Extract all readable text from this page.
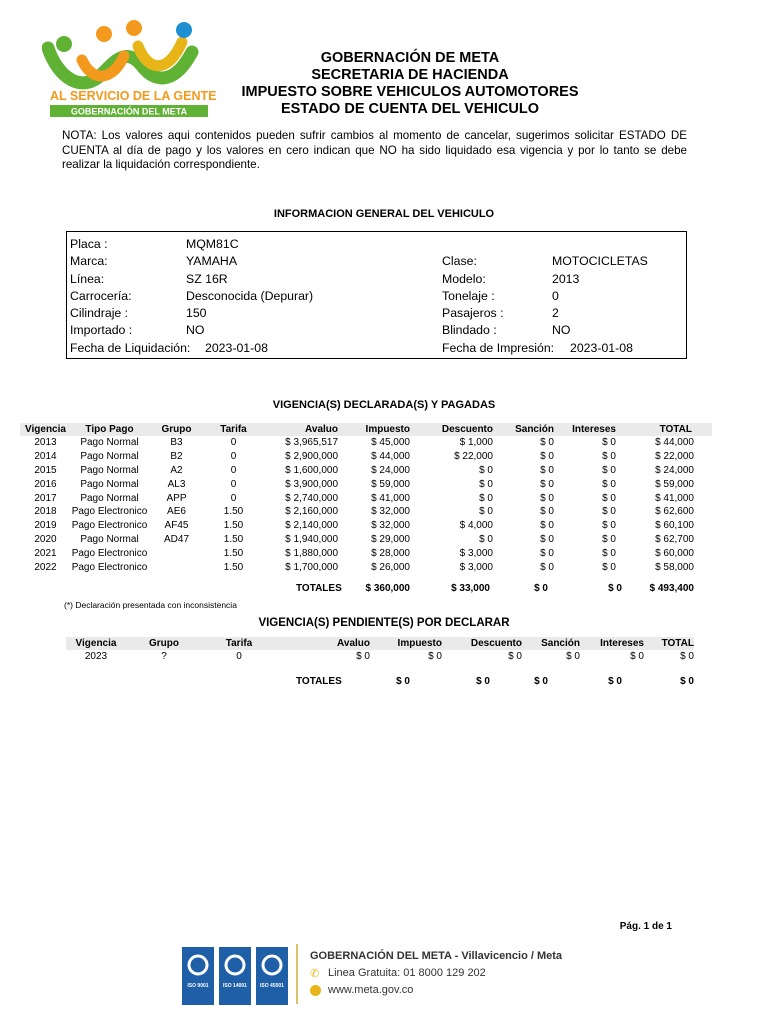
AL SERVICIO DE LA GENTE
GOBERNACIÓN DEL META
GOBERNACIÓN DE META
SECRETARIA DE HACIENDA
IMPUESTO SOBRE VEHICULOS AUTOMOTORES
ESTADO DE CUENTA DEL VEHICULO
NOTA: Los valores aqui contenidos pueden sufrir cambios al momento de cancelar, sugerimos solicitar ESTADO DE CUENTA al día de pago y los valores en cero indican que NO ha sido liquidado esa vigencia y por lo tanto se debe realizar la liquidación correspondiente.
INFORMACION GENERAL DEL VEHICULO
Placa :	MQM81C
Marca:	YAMAHA	Clase:	MOTOCICLETAS
Línea:	SZ 16R	Modelo:	2013
Carrocería:	Desconocida (Depurar)	Tonelaje :	0
Cilindraje :	150	Pasajeros :	2
Importado :	NO	Blindado :	NO
Fecha de Liquidación: 2023-01-08	Fecha de Impresión: 2023-01-08
VIGENCIA(S) DECLARADA(S) Y PAGADAS
Vigencia	Tipo Pago	Grupo	Tarifa	Avaluo	Impuesto	Descuento	Sanción	Intereses	TOTAL
2013	Pago Normal	B3	0	$ 3,965,517	$ 45,000	$ 1,000	$ 0	$ 0	$ 44,000
2014	Pago Normal	B2	0	$ 2,900,000	$ 44,000	$ 22,000	$ 0	$ 0	$ 22,000
2015	Pago Normal	A2	0	$ 1,600,000	$ 24,000	$ 0	$ 0	$ 0	$ 24,000
2016	Pago Normal	AL3	0	$ 3,900,000	$ 59,000	$ 0	$ 0	$ 0	$ 59,000
2017	Pago Normal	APP	0	$ 2,740,000	$ 41,000	$ 0	$ 0	$ 0	$ 41,000
2018	Pago Electronico	AE6	1.50	$ 2,160,000	$ 32,000	$ 0	$ 0	$ 0	$ 62,600
2019	Pago Electronico	AF45	1.50	$ 2,140,000	$ 32,000	$ 4,000	$ 0	$ 0	$ 60,100
2020	Pago Normal	AD47	1.50	$ 1,940,000	$ 29,000	$ 0	$ 0	$ 0	$ 62,700
2021	Pago Electronico		1.50	$ 1,880,000	$ 28,000	$ 3,000	$ 0	$ 0	$ 60,000
2022	Pago Electronico		1.50	$ 1,700,000	$ 26,000	$ 3,000	$ 0	$ 0	$ 58,000
TOTALES	$ 360,000	$ 33,000	$ 0	$ 0	$ 493,400
(*) Declaración presentada con inconsistencia
VIGENCIA(S) PENDIENTE(S) POR DECLARAR
Vigencia	Grupo	Tarifa	Avaluo	Impuesto	Descuento	Sanción	Intereses	TOTAL
2023	?	0	$ 0	$ 0	$ 0	$ 0	$ 0	$ 0
TOTALES	$ 0	$ 0	$ 0	$ 0	$ 0
Pág. 1 de 1
ISO 9001	ISO 14001	ISO 45001
GOBERNACIÓN DEL META - Villavicencio / Meta
✆ Linea Gratuita: 01 8000 129 202
www.meta.gov.co
